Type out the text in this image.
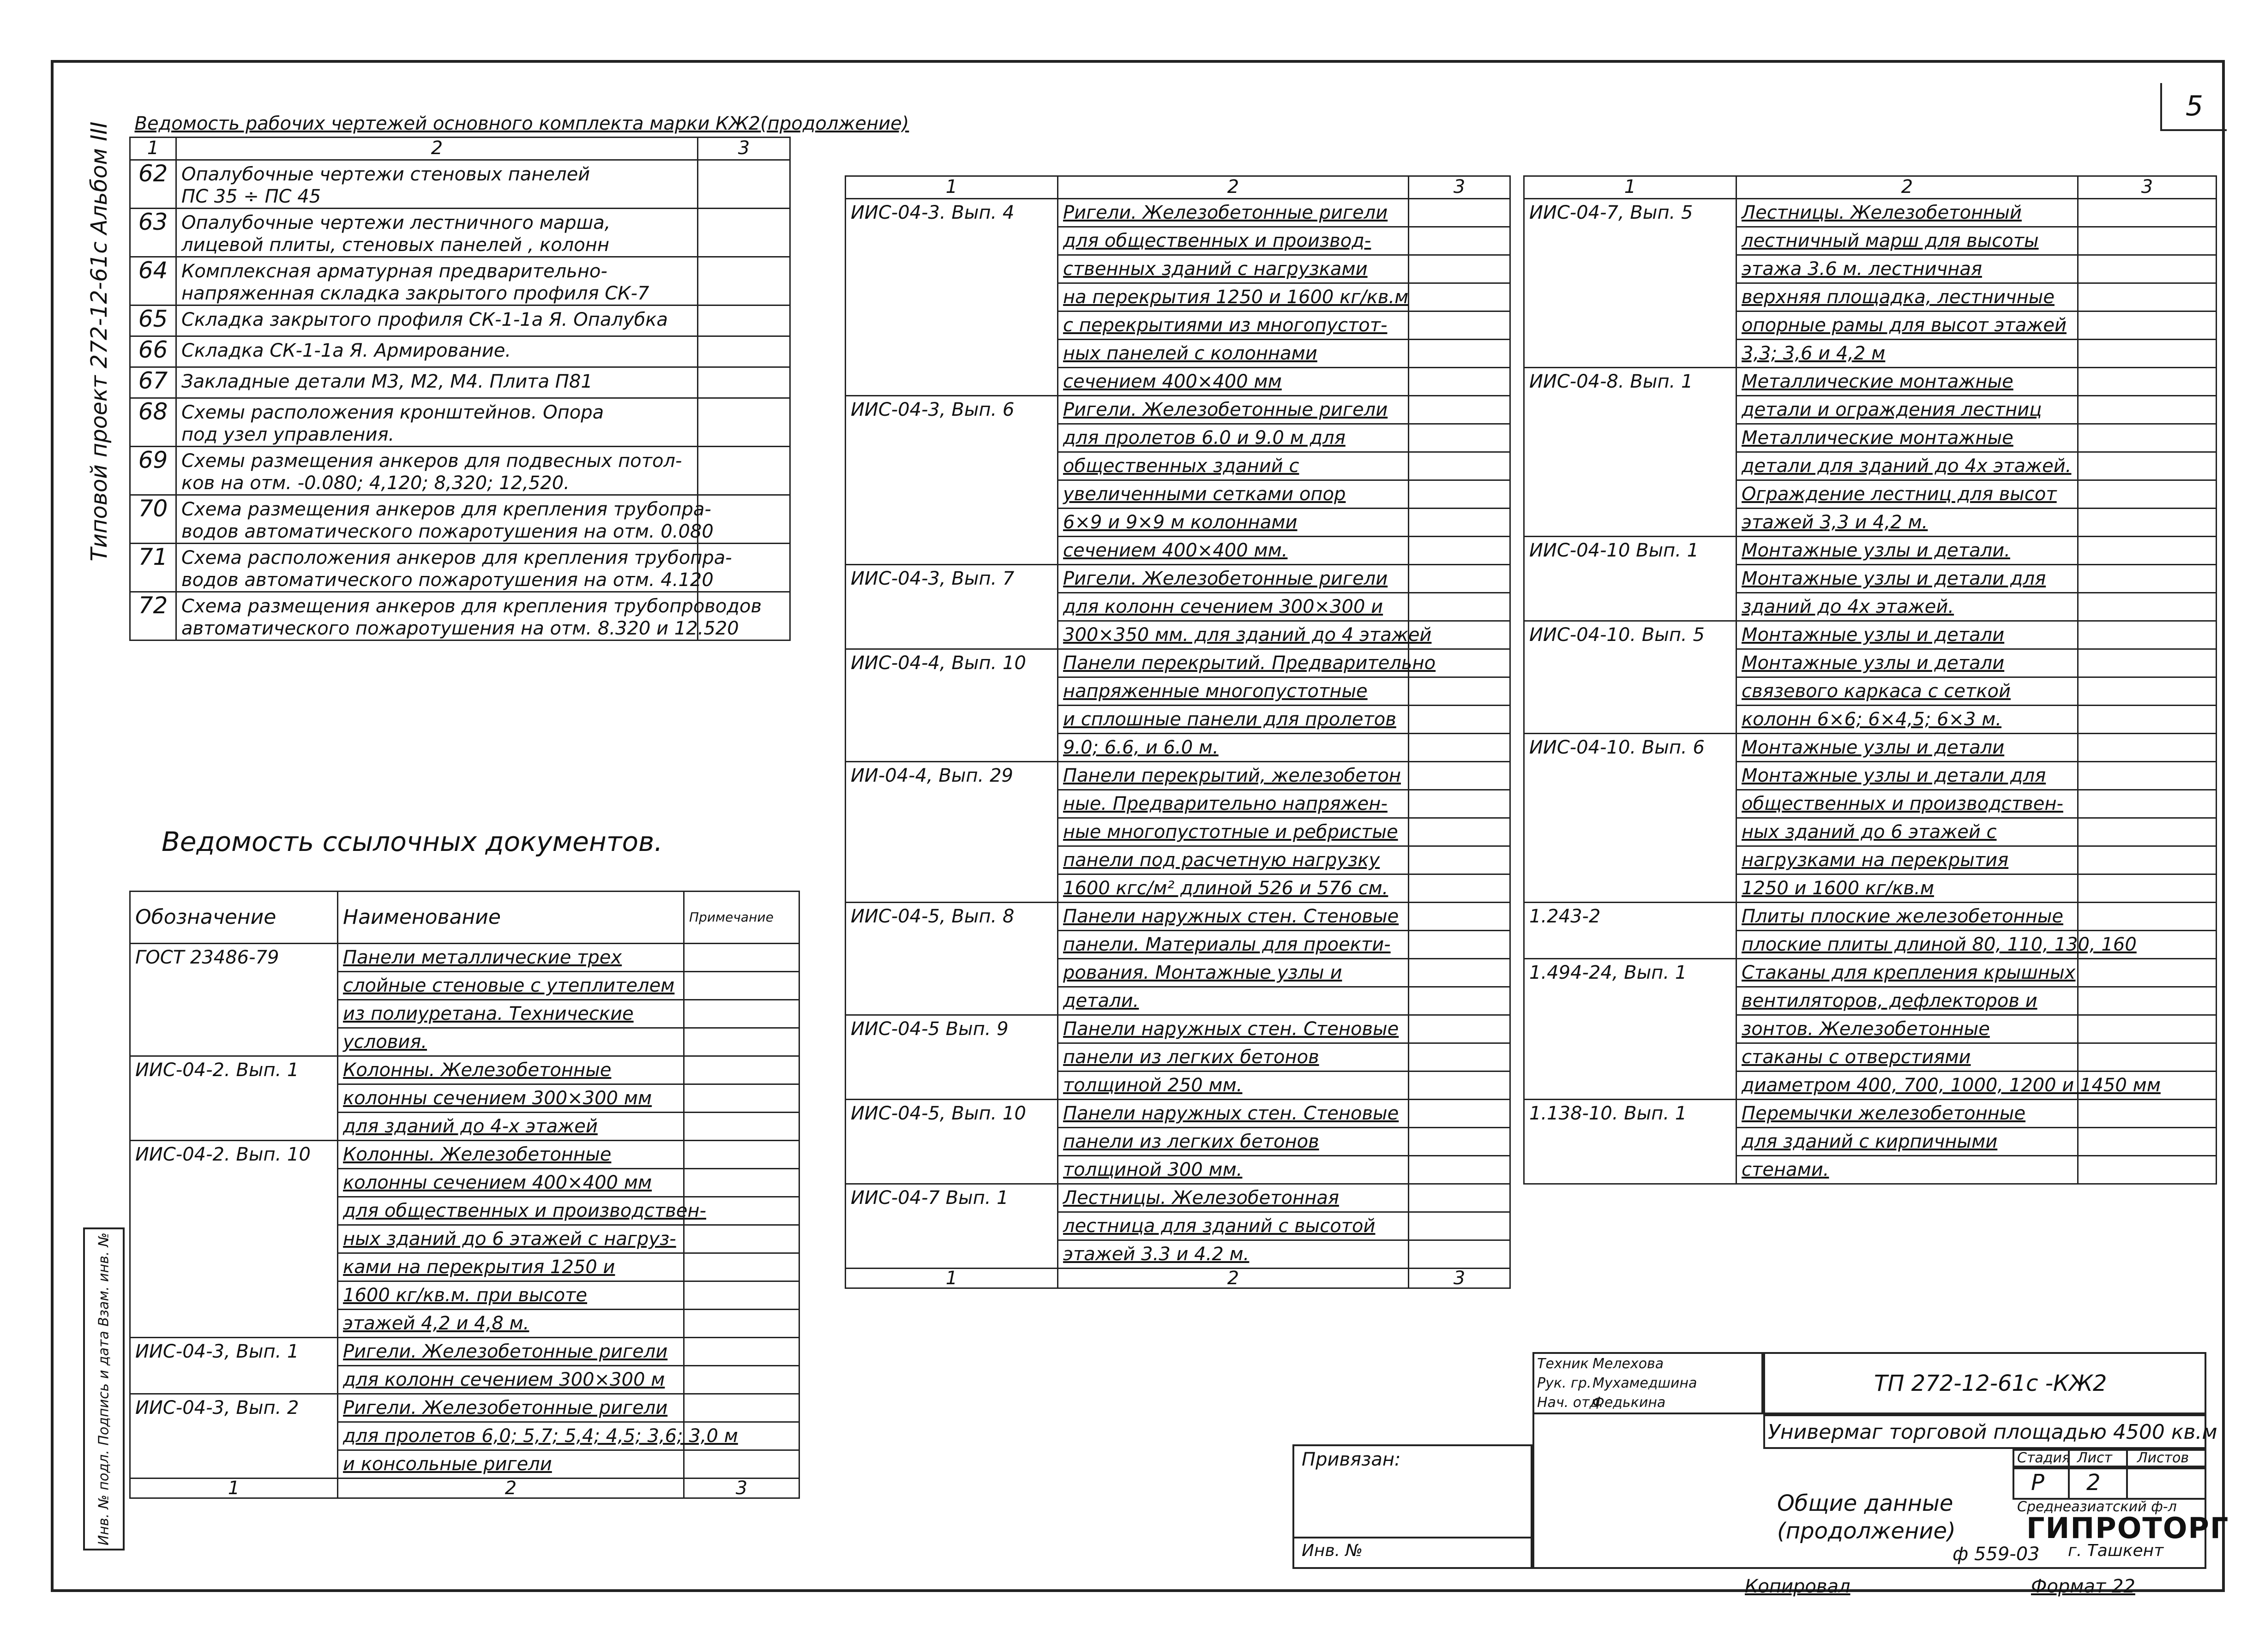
5
Типовой проект 272-12-61с Альбом III
Инв. № подл. Подпись и дата Взам. инв. №
Ведомость рабочих чертежей основного комплекта марки КЖ2(продолжение)		
1	2	3
62	Опалубочные чертежи стеновых панелей
ПС 35 ÷ ПС 45	

63	Опалубочные чертежи лестничного марша,
лицевой плиты, стеновых панелей , колонн	

64	Комплексная арматурная предварительно-
напряженная складка закрытого профиля СК-7	

65	Складка закрытого профиля СК-1-1а Я. Опалубка	

66	Складка СК-1-1а Я. Армирование.	

67	Закладные детали М3, М2, М4. Плита П81	

68	Схемы расположения кронштейнов. Опора
под узел управления.	

69	Схемы размещения анкеров для подвесных потол-
ков на отм. -0.080; 4,120; 8,320; 12,520.	

70	Схема размещения анкеров для крепления трубопра-
водов автоматического пожаротушения на отм. 0.080	

71	Схема расположения анкеров для крепления трубопра-
водов автоматического пожаротушения на отм. 4.120	

72	Схема размещения анкеров для крепления трубопроводов
автоматического пожаротушения на отм. 8.320 и 12.520	

Ведомость ссылочных документов.
Обозначение	Наименование	Примечание
ГОСТ 23486-79	Панели металлические трех	
	слойные стеновые с утеплителем	
	из полиуретана. Технические	
	условия.	
ИИС-04-2. Вып. 1	Колонны. Железобетонные	
	колонны сечением 300×300 мм	
	для зданий до 4-х этажей	
ИИС-04-2. Вып. 10	Колонны. Железобетонные	
	колонны сечением 400×400 мм	
	для общественных и производствен-	
	ных зданий до 6 этажей с нагруз-	
	ками на перекрытия 1250 и	
	1600 кг/кв.м. при высоте	
	этажей 4,2 и 4,8 м.	
ИИС-04-3, Вып. 1	Ригели. Железобетонные ригели	
	для колонн сечением 300×300 м	
ИИС-04-3, Вып. 2	Ригели. Железобетонные ригели	
	для пролетов 6,0; 5,7; 5,4; 4,5; 3,6; 3,0 м	
	и консольные ригели	
1	2	3
1	2	3
ИИС-04-3. Вып. 4	Ригели. Железобетонные ригели	
	для общественных и производ-	
	ственных зданий с нагрузками	
	на перекрытия 1250 и 1600 кг/кв.м	
	с перекрытиями из многопустот-	
	ных панелей с колоннами	
	сечением 400×400 мм	
ИИС-04-3, Вып. 6	Ригели. Железобетонные ригели	
	для пролетов 6.0 и 9.0 м для	
	общественных зданий с	
	увеличенными сетками опор	
	6×9 и 9×9 м колоннами	
	сечением 400×400 мм.	
ИИС-04-3, Вып. 7	Ригели. Железобетонные ригели	
	для колонн сечением 300×300 и	
	300×350 мм. для зданий до 4 этажей	
ИИС-04-4, Вып. 10	Панели перекрытий. Предварительно	
	напряженные многопустотные	
	и сплошные панели для пролетов	
	9.0; 6.6, и 6.0 м.	
ИИ-04-4, Вып. 29	Панели перекрытий, железобетон	
	ные. Предварительно напряжен-	
	ные многопустотные и ребристые	
	панели под расчетную нагрузку	
	1600 кгс/м² длиной 526 и 576 см.	
ИИС-04-5, Вып. 8	Панели наружных стен. Стеновые	
	панели. Материалы для проекти-	
	рования. Монтажные узлы и	
	детали.	
ИИС-04-5 Вып. 9	Панели наружных стен. Стеновые	
	панели из легких бетонов	
	толщиной 250 мм.	
ИИС-04-5, Вып. 10	Панели наружных стен. Стеновые	
	панели из легких бетонов	
	толщиной 300 мм.	
ИИС-04-7 Вып. 1	Лестницы. Железобетонная	
	лестница для зданий с высотой	
	этажей 3.3 и 4.2 м.	
1	2	3
1	2	3
ИИС-04-7, Вып. 5	Лестницы. Железобетонный	
	лестничный марш для высоты	
	этажа 3.6 м. лестничная	
	верхняя площадка, лестничные	
	опорные рамы для высот этажей	
	3,3; 3,6 и 4,2 м	
ИИС-04-8. Вып. 1	Металлические монтажные	
	детали и ограждения лестниц	
	Металлические монтажные	
	детали для зданий до 4х этажей.	
	Ограждение лестниц для высот	
	этажей 3,3 и 4,2 м.	
ИИС-04-10 Вып. 1	Монтажные узлы и детали.	
	Монтажные узлы и детали для	
	зданий до 4х этажей.	
ИИС-04-10. Вып. 5	Монтажные узлы и детали	
	Монтажные узлы и детали	
	связевого каркаса с сеткой	
	колонн 6×6; 6×4,5; 6×3 м.	
ИИС-04-10. Вып. 6	Монтажные узлы и детали	
	Монтажные узлы и детали для	
	общественных и производствен-	
	ных зданий до 6 этажей с	
	нагрузками на перекрытия	
	1250 и 1600 кг/кв.м	
1.243-2	Плиты плоские железобетонные	
	плоские плиты длиной 80, 110, 130, 160	
1.494-24, Вып. 1	Стаканы для крепления крышных	
	вентиляторов, дефлекторов и	
	зонтов. Железобетонные	
	стаканы с отверстиями	
	диаметром 400, 700, 1000, 1200 и 1450 мм	
1.138-10. Вып. 1	Перемычки железобетонные	
	для зданий с кирпичными	
	стенами.	
Привязан:
Инв. №
Техник
Рук. гр.
Нач. отд.
Мелехова
Мухамедшина
Федькина
ТП 272-12-61с -КЖ2
Универмаг торговой площадью 4500 кв.м
Общие данные
(продолжение)
Стадия Лист Листов
Р 2
Среднеазиатский ф-л
ГИПРОТОРГ
г. Ташкент
ф 559-03
Копировал	Формат 22
